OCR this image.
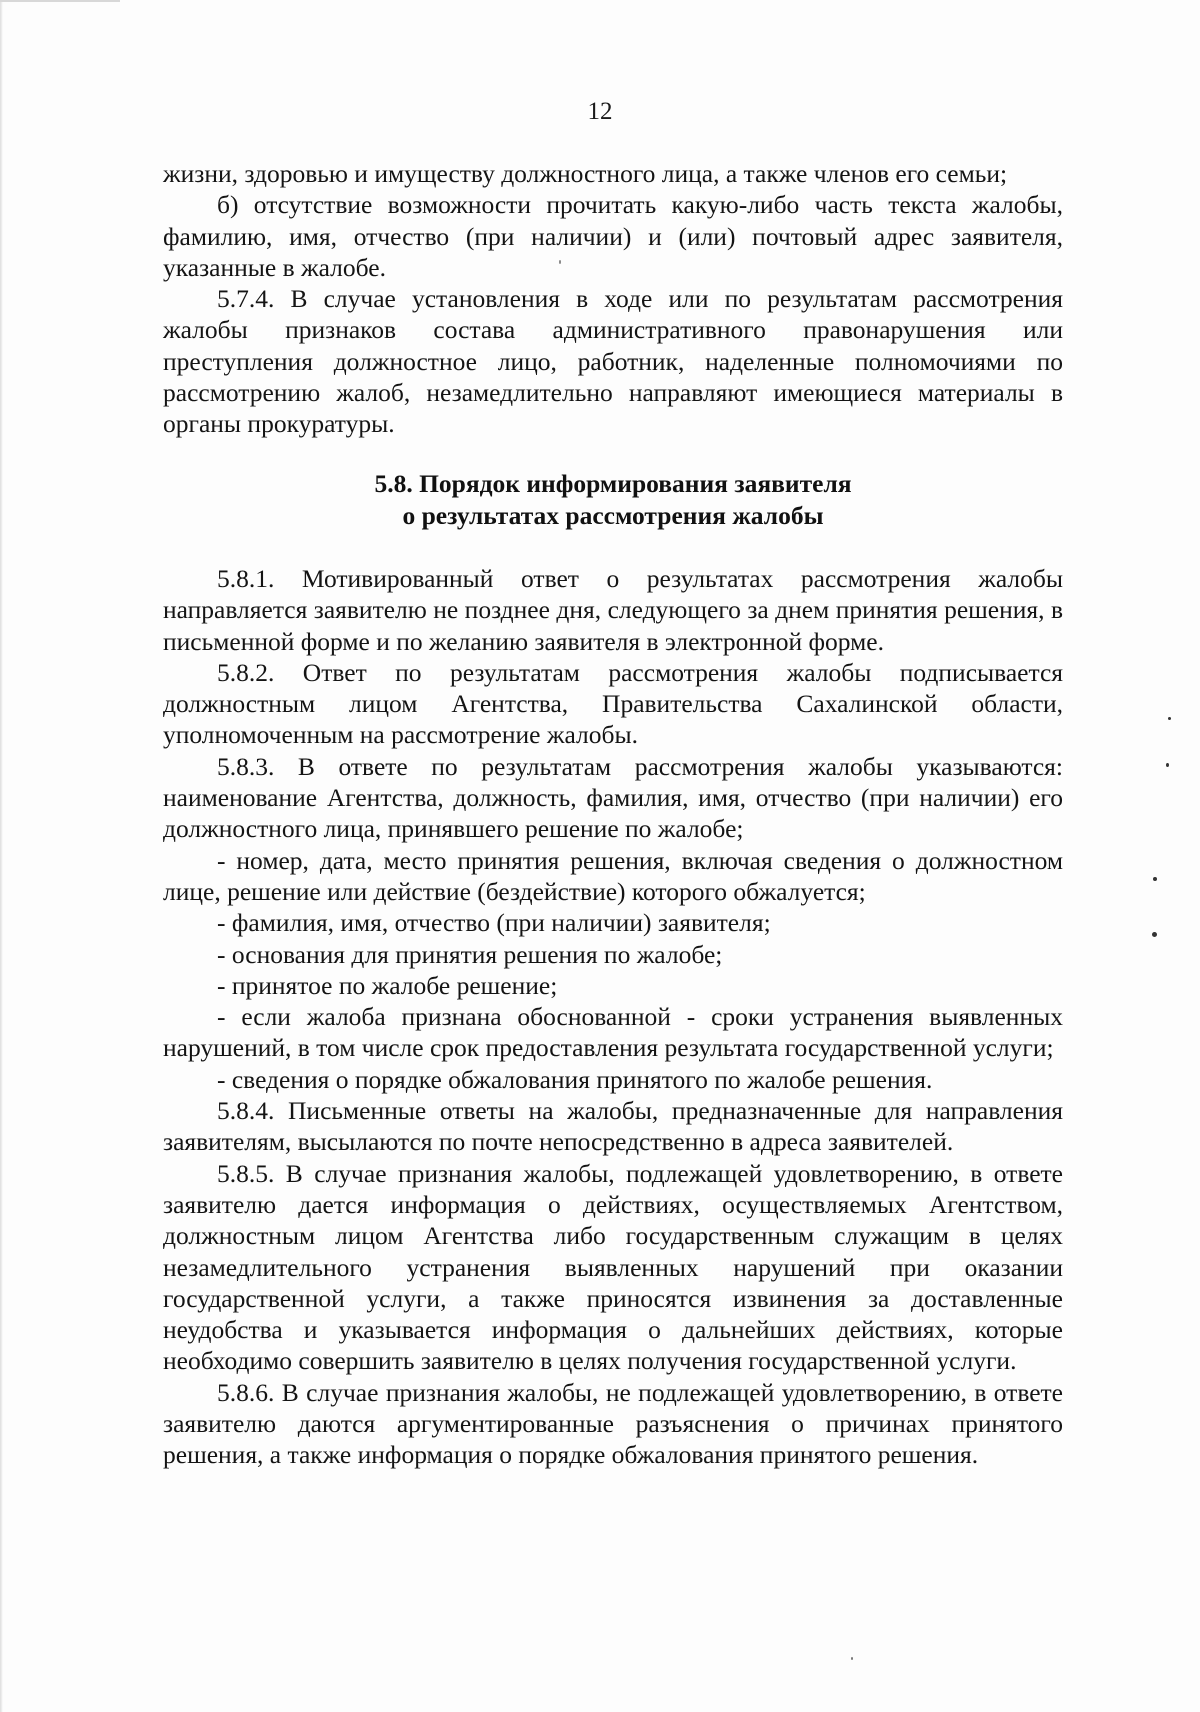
12

жизни, здоровью и имуществу должностного лица, а также членов его семьи;

б) отсутствие возможности прочитать какую-либо часть текста жалобы, фамилию, имя, отчество (при наличии) и (или) почтовый адрес заявителя, указанные в жалобе.

5.7.4. В случае установления в ходе или по результатам рассмотрения жалобы признаков состава административного правонарушения или преступления должностное лицо, работник, наделенные полномочиями по рассмотрению жалоб, незамедлительно направляют имеющиеся материалы в органы прокуратуры.

5.8. Порядок информирования заявителя
о результатах рассмотрения жалобы

5.8.1. Мотивированный ответ о результатах рассмотрения жалобы направляется заявителю не позднее дня, следующего за днем принятия решения, в письменной форме и по желанию заявителя в электронной форме.

5.8.2. Ответ по результатам рассмотрения жалобы подписывается должностным лицом Агентства, Правительства Сахалинской области, уполномоченным на рассмотрение жалобы.

5.8.3. В ответе по результатам рассмотрения жалобы указываются: наименование Агентства, должность, фамилия, имя, отчество (при наличии) его должностного лица, принявшего решение по жалобе;

- номер, дата, место принятия решения, включая сведения о должностном лице, решение или действие (бездействие) которого обжалуется;

- фамилия, имя, отчество (при наличии) заявителя;

- основания для принятия решения по жалобе;

- принятое по жалобе решение;

- если жалоба признана обоснованной - сроки устранения выявленных нарушений, в том числе срок предоставления результата государственной услуги;

- сведения о порядке обжалования принятого по жалобе решения.

5.8.4. Письменные ответы на жалобы, предназначенные для направления заявителям, высылаются по почте непосредственно в адреса заявителей.

5.8.5. В случае признания жалобы, подлежащей удовлетворению, в ответе заявителю дается информация о действиях, осуществляемых Агентством, должностным лицом Агентства либо государственным служащим в целях незамедлительного устранения выявленных нарушений при оказании государственной услуги, а также приносятся извинения за доставленные неудобства и указывается информация о дальнейших действиях, которые необходимо совершить заявителю в целях получения государственной услуги.

5.8.6. В случае признания жалобы, не подлежащей удовлетворению, в ответе заявителю даются аргументированные разъяснения о причинах принятого решения, а также информация о порядке обжалования принятого решения.
